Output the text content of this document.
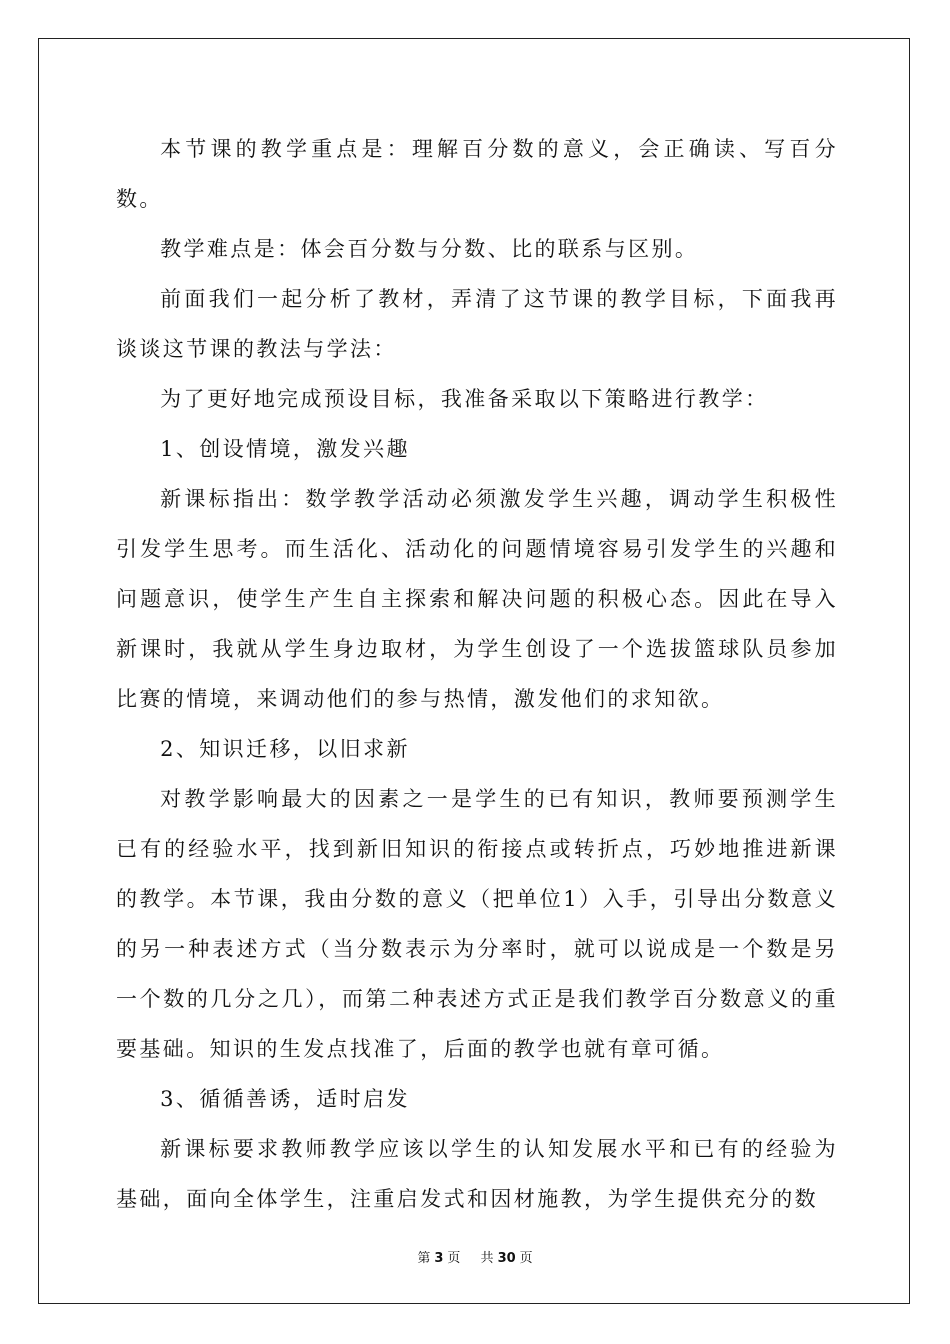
本节课的教学重点是：理解百分数的意义，会正确读、写百分数。

教学难点是：体会百分数与分数、比的联系与区别。

前面我们一起分析了教材，弄清了这节课的教学目标，下面我再谈谈这节课的教法与学法：

为了更好地完成预设目标，我准备采取以下策略进行教学：

1、创设情境，激发兴趣

新课标指出：数学教学活动必须激发学生兴趣，调动学生积极性引发学生思考。而生活化、活动化的问题情境容易引发学生的兴趣和问题意识，使学生产生自主探索和解决问题的积极心态。因此在导入新课时，我就从学生身边取材，为学生创设了一个选拔篮球队员参加比赛的情境，来调动他们的参与热情，激发他们的求知欲。

2、知识迁移，以旧求新

对教学影响最大的因素之一是学生的已有知识，教师要预测学生已有的经验水平，找到新旧知识的衔接点或转折点，巧妙地推进新课的教学。本节课，我由分数的意义（把单位1）入手，引导出分数意义的另一种表述方式（当分数表示为分率时，就可以说成是一个数是另一个数的几分之几），而第二种表述方式正是我们教学百分数意义的重要基础。知识的生发点找准了，后面的教学也就有章可循。

3、循循善诱，适时启发

新课标要求教师教学应该以学生的认知发展水平和已有的经验为基础，面向全体学生，注重启发式和因材施教，为学生提供充分的数

第 3 页 共 30 页
